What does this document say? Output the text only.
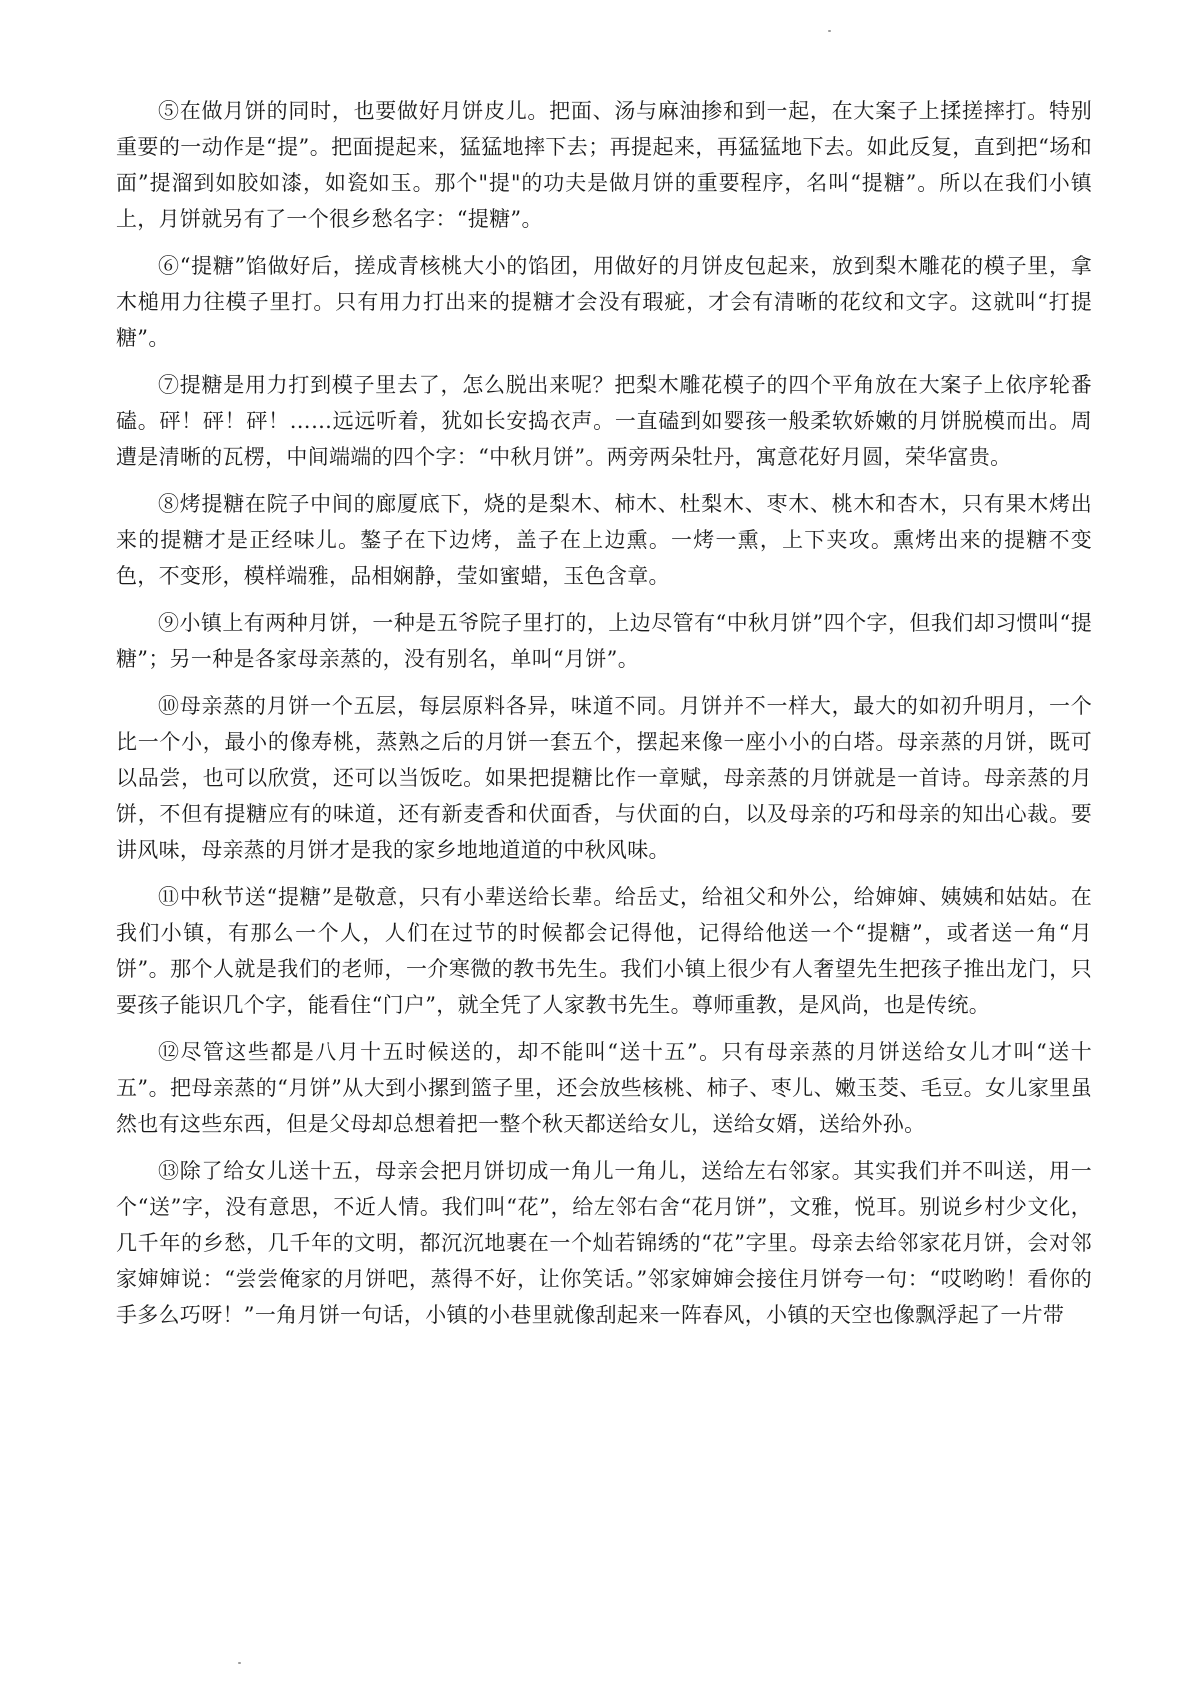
⑤在做月饼的同时，也要做好月饼皮儿。把面、汤与麻油掺和到一起，在大案子上揉搓摔打。特别重要的一动作是“提”。把面提起来，猛猛地摔下去；再提起来，再猛猛地下去。如此反复，直到把“场和面”提溜到如胶如漆，如瓷如玉。那个"提"的功夫是做月饼的重要程序，名叫“提糖”。所以在我们小镇上，月饼就另有了一个很乡愁名字：“提糖”。

⑥“提糖”馅做好后，搓成青核桃大小的馅团，用做好的月饼皮包起来，放到梨木雕花的模子里，拿木槌用力往模子里打。只有用力打出来的提糖才会没有瑕疵，才会有清晰的花纹和文字。这就叫“打提糖”。

⑦提糖是用力打到模子里去了，怎么脱出来呢？把梨木雕花模子的四个平角放在大案子上依序轮番磕。砰！砰！砰！……远远听着，犹如长安捣衣声。一直磕到如婴孩一般柔软娇嫩的月饼脱模而出。周遭是清晰的瓦楞，中间端端的四个字：“中秋月饼”。两旁两朵牡丹，寓意花好月圆，荣华富贵。

⑧烤提糖在院子中间的廊厦底下，烧的是梨木、柿木、杜梨木、枣木、桃木和杏木，只有果木烤出来的提糖才是正经味儿。鏊子在下边烤，盖子在上边熏。一烤一熏，上下夹攻。熏烤出来的提糖不变色，不变形，模样端雅，品相娴静，莹如蜜蜡，玉色含章。

⑨小镇上有两种月饼，一种是五爷院子里打的，上边尽管有“中秋月饼”四个字，但我们却习惯叫“提糖”；另一种是各家母亲蒸的，没有别名，单叫“月饼”。

⑩母亲蒸的月饼一个五层，每层原料各异，味道不同。月饼并不一样大，最大的如初升明月，一个比一个小，最小的像寿桃，蒸熟之后的月饼一套五个，摆起来像一座小小的白塔。母亲蒸的月饼，既可以品尝，也可以欣赏，还可以当饭吃。如果把提糖比作一章赋，母亲蒸的月饼就是一首诗。母亲蒸的月饼，不但有提糖应有的味道，还有新麦香和伏面香，与伏面的白，以及母亲的巧和母亲的知出心裁。要讲风味，母亲蒸的月饼才是我的家乡地地道道的中秋风味。

⑪中秋节送“提糖”是敬意，只有小辈送给长辈。给岳丈，给祖父和外公，给婶婶、姨姨和姑姑。在我们小镇，有那么一个人，人们在过节的时候都会记得他，记得给他送一个“提糖”，或者送一角“月饼”。那个人就是我们的老师，一介寒微的教书先生。我们小镇上很少有人奢望先生把孩子推出龙门，只要孩子能识几个字，能看住“门户”，就全凭了人家教书先生。尊师重教，是风尚，也是传统。

⑫尽管这些都是八月十五时候送的，却不能叫“送十五”。只有母亲蒸的月饼送给女儿才叫“送十五”。把母亲蒸的“月饼”从大到小摞到篮子里，还会放些核桃、柿子、枣儿、嫩玉茭、毛豆。女儿家里虽然也有这些东西，但是父母却总想着把一整个秋天都送给女儿，送给女婿，送给外孙。

⑬除了给女儿送十五，母亲会把月饼切成一角儿一角儿，送给左右邻家。其实我们并不叫送，用一个“送”字，没有意思，不近人情。我们叫“花”，给左邻右舍“花月饼”，文雅，悦耳。别说乡村少文化，几千年的乡愁，几千年的文明，都沉沉地裹在一个灿若锦绣的“花”字里。母亲去给邻家花月饼，会对邻家婶婶说：“尝尝俺家的月饼吧，蒸得不好，让你笑话。”邻家婶婶会接住月饼夸一句：“哎哟哟！看你的手多么巧呀！”一角月饼一句话，小镇的小巷里就像刮起来一阵春风，小镇的天空也像飘浮起了一片带
